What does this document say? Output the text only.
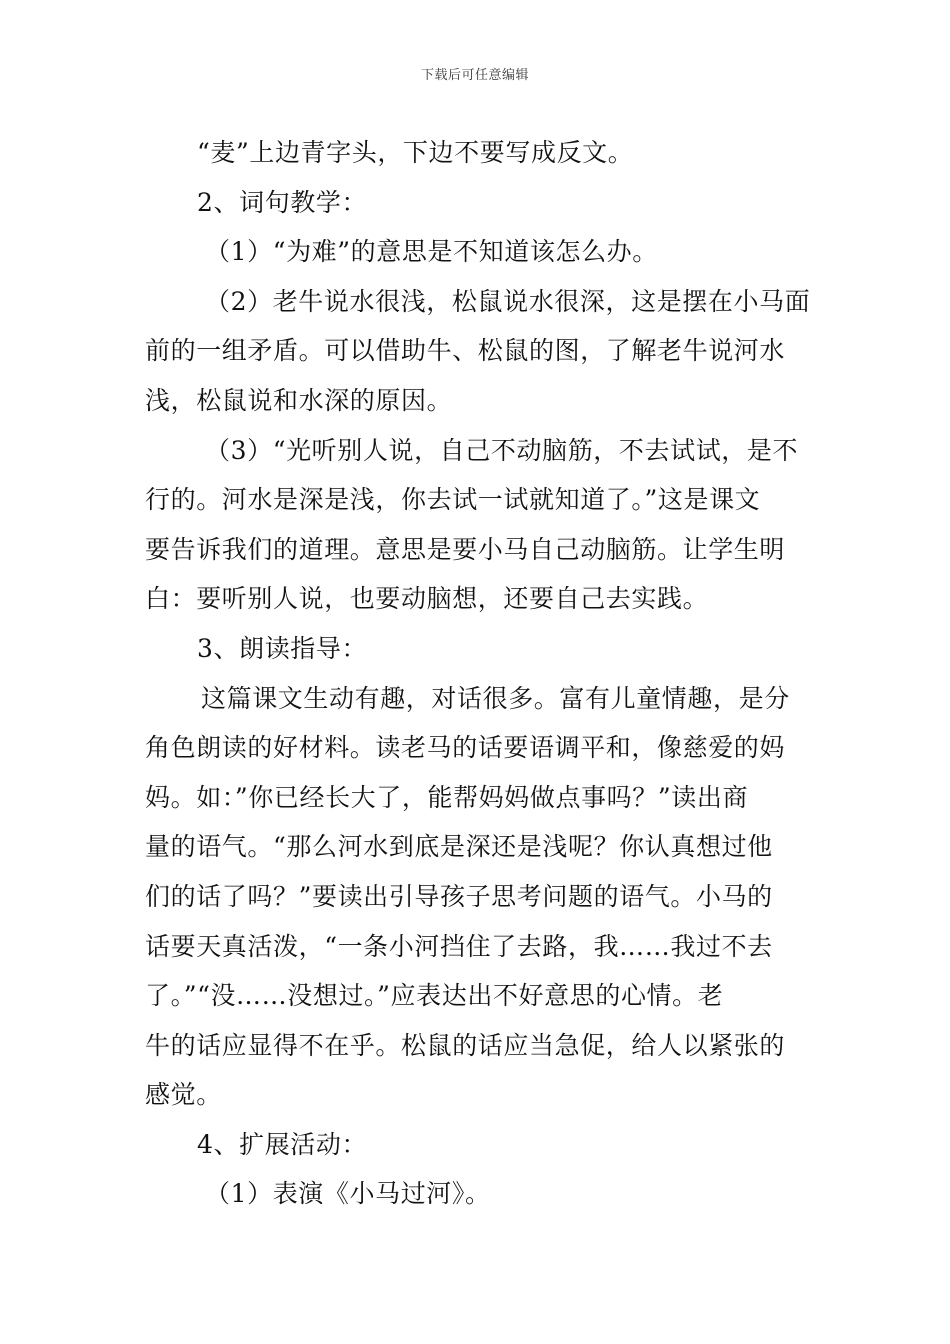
下载后可任意编辑
“麦”上边青字头，下边不要写成反文。
2、词句教学：
（1）“为难”的意思是不知道该怎么办。
（2）老牛说水很浅，松鼠说水很深，这是摆在小马面
前的一组矛盾。可以借助牛、松鼠的图，了解老牛说河水
浅，松鼠说和水深的原因。
（3）“光听别人说，自己不动脑筋，不去试试，是不
行的。河水是深是浅，你去试一试就知道了。”这是课文
要告诉我们的道理。意思是要小马自己动脑筋。让学生明
白：要听别人说，也要动脑想，还要自己去实践。
3、朗读指导：
这篇课文生动有趣，对话很多。富有儿童情趣，是分
角色朗读的好材料。读老马的话要语调平和，像慈爱的妈
妈。如：”你已经长大了，能帮妈妈做点事吗？”读出商
量的语气。“那么河水到底是深还是浅呢？你认真想过他
们的话了吗？”要读出引导孩子思考问题的语气。小马的
话要天真活泼，“一条小河挡住了去路，我……我过不去
了。”“没……没想过。”应表达出不好意思的心情。老
牛的话应显得不在乎。松鼠的话应当急促，给人以紧张的
感觉。
4、扩展活动：
（1）表演《小马过河》。
